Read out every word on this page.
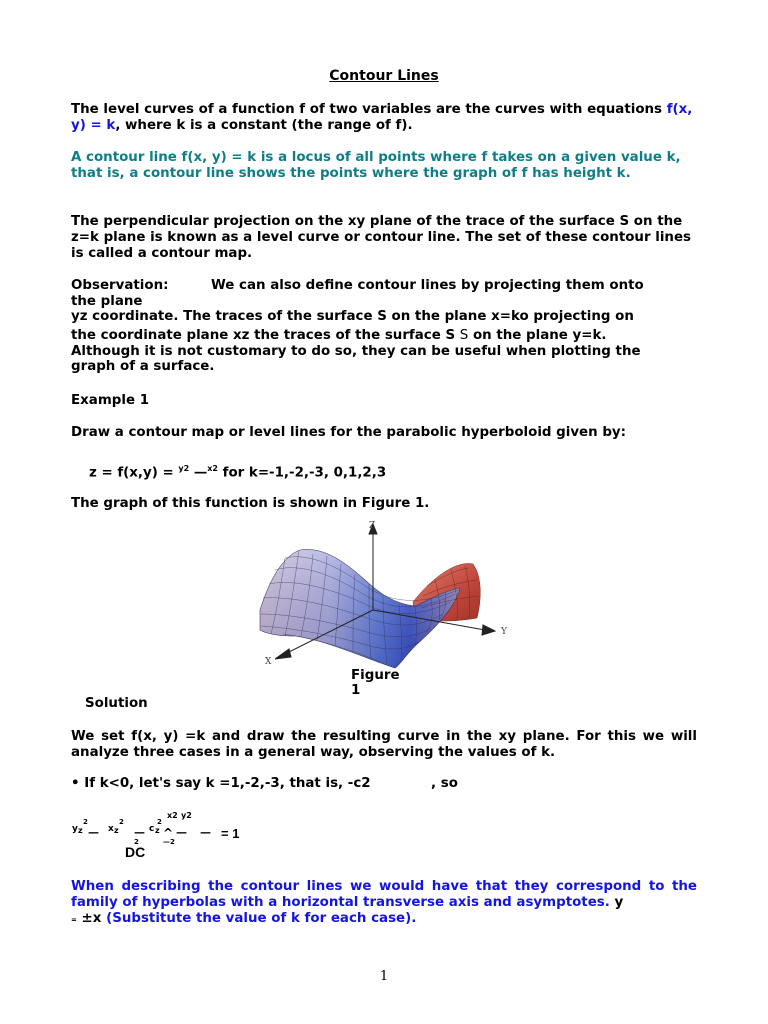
Contour Lines
The level curves of a function f of two variables are the curves with equations f(x, y) = k, where k is a constant (the range of f).
A contour line f(x, y) = k is a locus of all points where f takes on a given value k, that is, a contour line shows the points where the graph of f has height k.
The perpendicular projection on the xy plane of the trace of the surface S on the z=k plane is known as a level curve or contour line. The set of these contour lines is called a contour map.
Observation:	We can also define contour lines by projecting them onto
the plane
yz coordinate. The traces of the surface S on the plane x=ko projecting on
the coordinate plane xz the traces of the surface S S on the plane y=k.
Although it is not customary to do so, they can be useful when plotting the
graph of a surface.
Example 1
Draw a contour map or level lines for the parabolic hyperboloid given by:
z = f(x,y) = $^{y2}$ —$^{x2}$ for k=-1,-2,-3, 0,1,2,3
The graph of this function is shown in Figure 1.
Z
Y
X
Figure
1
Solution
We set f(x, y) =k and draw the resulting curve in the xy plane. For this we will analyze three cases in a general way, observing the values of k.
• If k<0, let's say k =1,-2,-3, that is, -c2	, so
y z
2
— x z
2
— c z
2
^
x2 y2
—
—2
— = 1
2
DC
When describing the contour lines we would have that they correspond to the family of hyperbolas with a horizontal transverse axis and asymptotes. y
= ±x (Substitute the value of k for each case).
1
